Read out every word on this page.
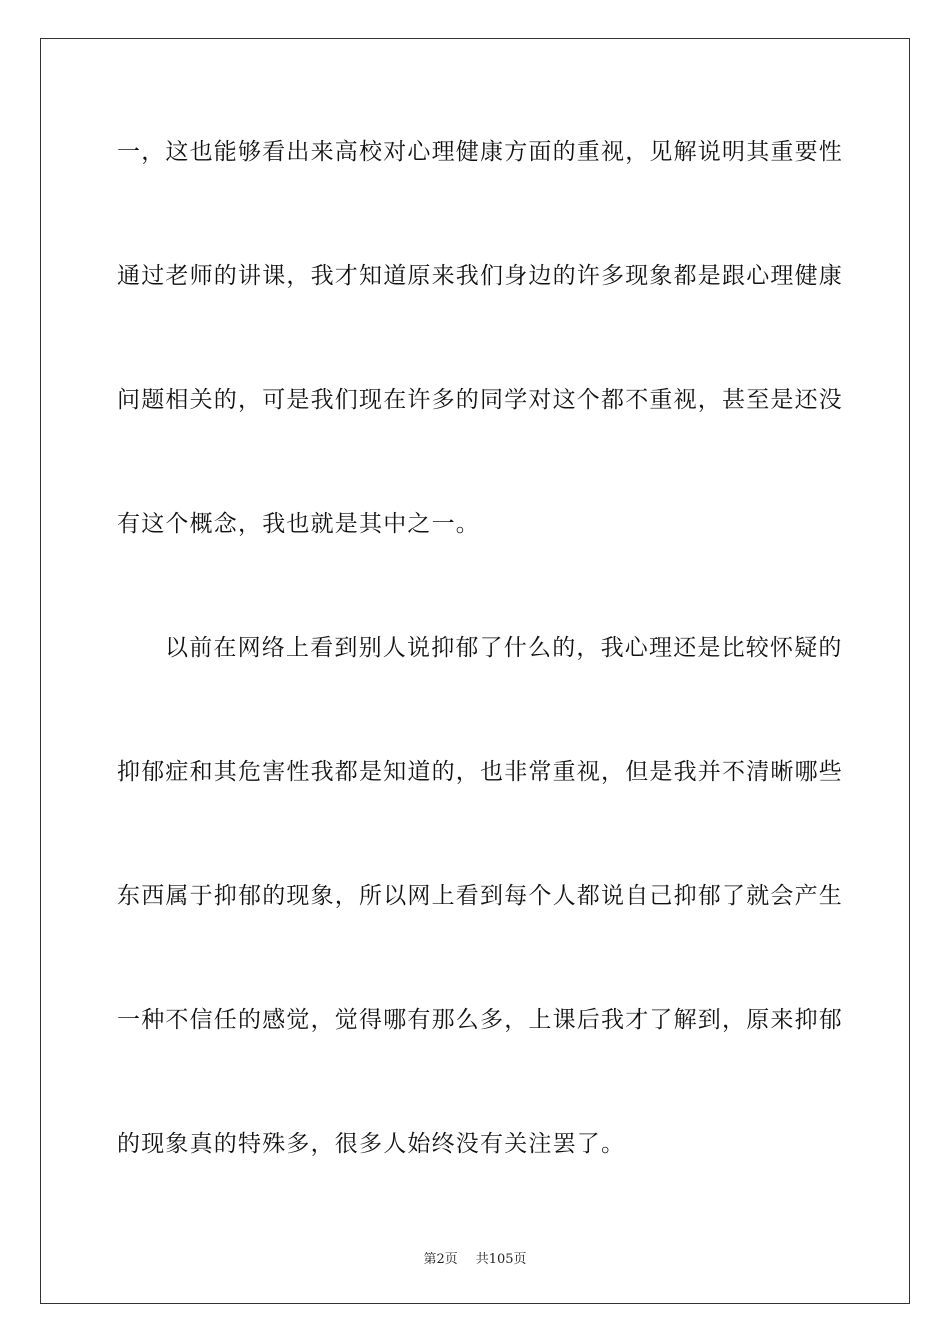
一，这也能够看出来高校对心理健康方面的重视，见解说明其重要性
通过老师的讲课，我才知道原来我们身边的许多现象都是跟心理健康
问题相关的，可是我们现在许多的同学对这个都不重视，甚至是还没
有这个概念，我也就是其中之一。
以前在网络上看到别人说抑郁了什么的，我心理还是比较怀疑的
抑郁症和其危害性我都是知道的，也非常重视，但是我并不清晰哪些
东西属于抑郁的现象，所以网上看到每个人都说自己抑郁了就会产生
一种不信任的感觉，觉得哪有那么多，上课后我才了解到，原来抑郁
的现象真的特殊多，很多人始终没有关注罢了。
第2页 共105页
